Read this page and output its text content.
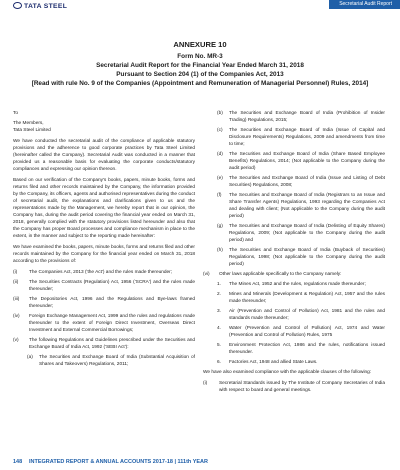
TATA STEEL	Secretarial Audit Report
ANNEXURE 10
Form No. MR-3
Secretarial Audit Report for the Financial Year Ended March 31, 2018
Pursuant to Section 204 (1) of the Companies Act, 2013
[Read with rule No. 9 of the Companies (Appointment and Remuneration of Managerial Personnel) Rules, 2014]
To
The Members,
Tata Steel Limited

We have conducted the secretarial audit of the compliance of applicable statutory provisions and the adherence to good corporate practices by Tata Steel Limited (hereinafter called the Company). Secretarial Audit was conducted in a manner that provided us a reasonable basis for evaluating the corporate conducts/statutory compliances and expressing our opinion thereon.

Based on our verification of the Company's books, papers, minute books, forms and returns filed and other records maintained by the Company, the information provided by the Company, its officers, agents and authorised representatives during the conduct of secretarial audit, the explanations and clarifications given to us and the representations made by the Management, we hereby report that in our opinion, the Company has, during the audit period covering the financial year ended on March 31, 2018, generally complied with the statutory provisions listed hereunder and also that the Company has proper Board processes and compliance mechanism in place to the extent, in the manner and subject to the reporting made hereinafter:

We have examined the books, papers, minute books, forms and returns filed and other records maintained by the Company for the financial year ended on March 31, 2018 according to the provisions of:

(i)	The Companies Act, 2013 ('the Act') and the rules made thereunder;
(ii)	The Securities Contracts (Regulation) Act, 1956 ('SCRA') and the rules made thereunder;
(iii)	The Depositories Act, 1996 and the Regulations and Bye-laws framed thereunder;
(iv)	Foreign Exchange Management Act, 1999 and the rules and regulations made thereunder to the extent of Foreign Direct Investment, Overseas Direct Investment and External Commercial Borrowings;
(v)	The following Regulations and Guidelines prescribed under the Securities and Exchange Board of India Act, 1992 ('SEBI Act'):
(a)	The Securities and Exchange Board of India (Substantial Acquisition of Shares and Takeovers) Regulations, 2011;
(b)	The Securities and Exchange Board of India (Prohibition of Insider Trading) Regulations, 2015;
(c)	The Securities and Exchange Board of India (Issue of Capital and Disclosure Requirements) Regulations, 2009 and amendments from time to time;
(d)	The Securities and Exchange Board of India (Share Based Employee Benefits) Regulations, 2014; (Not applicable to the Company during the audit period)
(e)	The Securities and Exchange Board of India (Issue and Listing of Debt Securities) Regulations, 2008;
(f)	The Securities and Exchange Board of India (Registrars to an Issue and Share Transfer Agents) Regulations, 1993 regarding the Companies Act and dealing with client; (Not applicable to the Company during the audit period)
(g)	The Securities and Exchange Board of India (Delisting of Equity Shares) Regulations, 2009; (Not applicable to the Company during the audit period) and
(h)	The Securities and Exchange Board of India (Buyback of Securities) Regulations, 1998; (Not applicable to the Company during the audit period)
(vi)	Other laws applicable specifically to the Company namely:
1.	The Mines Act, 1952 and the rules, regulations made thereunder;
2.	Mines and Minerals (Development & Regulation) Act, 1957 and the rules made thereunder;
3.	Air (Prevention and Control of Pollution) Act, 1981 and the rules and standards made thereunder;
4.	Water (Prevention and Control of Pollution) Act, 1974 and Water (Prevention and Control of Pollution) Rules, 1975
5.	Environment Protection Act, 1986 and the rules, notifications issued thereunder.
6.	Factories Act, 1948 and allied State Laws.

We have also examined compliance with the applicable clauses of the following:

(i)	Secretarial Standards issued by The Institute of Company Secretaries of India with respect to board and general meetings.
148 INTEGRATED REPORT & ANNUAL ACCOUNTS 2017-18 | 111th YEAR
